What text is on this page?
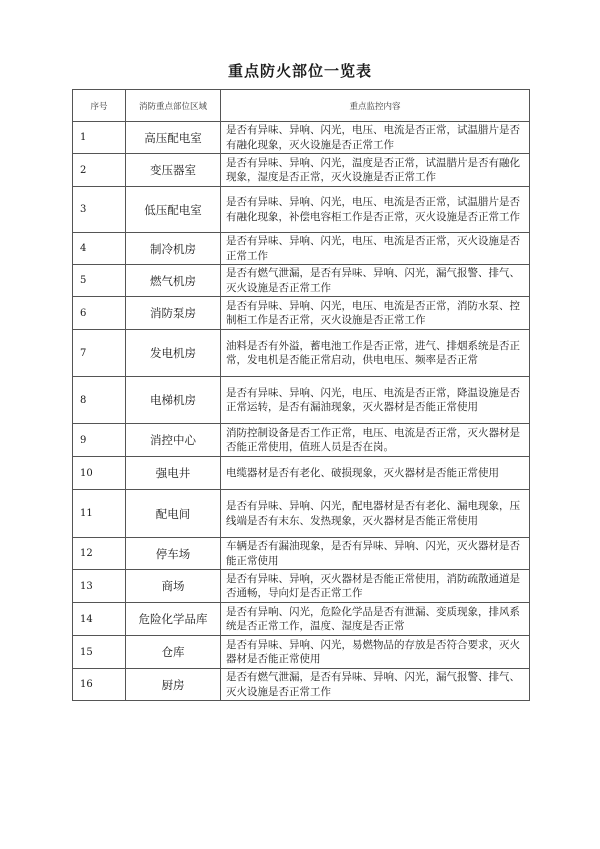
重点防火部位一览表
序号	消防重点部位区域	重点监控内容
1	高压配电室	是否有异味、异响、闪光，电压、电流是否正常，试温腊片是否有融化现象，灭火设施是否正常工作
2	变压器室	是否有异味、异响、闪光，温度是否正常，试温腊片是否有融化现象，湿度是否正常，灭火设施是否正常工作
3	低压配电室	是否有异味、异响、闪光，电压、电流是否正常，试温腊片是否有融化现象，补偿电容柜工作是否正常，灭火设施是否正常工作
4	制冷机房	是否有异味、异响、闪光，电压、电流是否正常，灭火设施是否正常工作
5	燃气机房	是否有燃气泄漏，是否有异味、异响、闪光，漏气报警、排气、灭火设施是否正常工作
6	消防泵房	是否有异味、异响、闪光，电压、电流是否正常，消防水泵、控制柜工作是否正常，灭火设施是否正常工作
7	发电机房	油料是否有外溢，蓄电池工作是否正常，进气、排烟系统是否正常，发电机是否能正常启动，供电电压、频率是否正常
8	电梯机房	是否有异味、异响、闪光，电压、电流是否正常，降温设施是否正常运转，是否有漏油现象，灭火器材是否能正常使用
9	消控中心	消防控制设备是否工作正常，电压、电流是否正常，灭火器材是否能正常使用，值班人员是否在岗。
10	强电井	电缆器材是否有老化、破损现象，灭火器材是否能正常使用
11	配电间	是否有异味、异响、闪光，配电器材是否有老化、漏电现象，压线端是否有末东、发热现象，灭火器材是否能正常使用
12	停车场	车辆是否有漏油现象，是否有异味、异响、闪光，灭火器材是否能正常使用
13	商场	是否有异味、异响，灭火器材是否能正常使用，消防疏散通道是否通畅，导向灯是否正常工作
14	危险化学品库	是否有异响、闪光，危险化学品是否有泄漏、变质现象，排风系统是否正常工作，温度、湿度是否正常
15	仓库	是否有异味、异响、闪光，易燃物品的存放是否符合要求，灭火器材是否能正常使用
16	厨房	是否有燃气泄漏，是否有异味、异响、闪光，漏气报警、排气、灭火设施是否正常工作
